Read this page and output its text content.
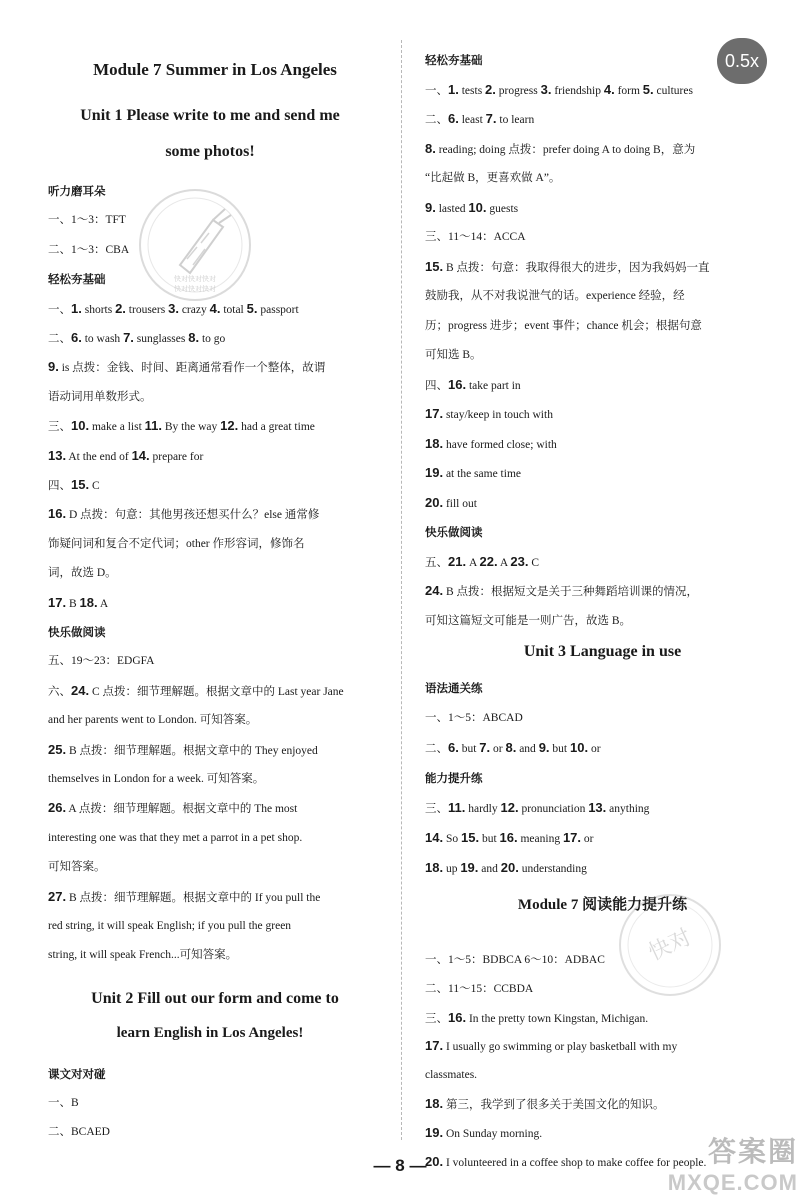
Module 7 Summer in Los Angeles
Unit 1 Please write to me and send me
some photos!
听力磨耳朵
一、1～3：TFT
二、1～3：CBA
轻松夯基础
一、1. shorts 2. trousers 3. crazy 4. total 5. passport
二、6. to wash 7. sunglasses 8. to go
9. is 点拨：金钱、时间、距离通常看作一个整体，故谓
语动词用单数形式。
三、10. make a list 11. By the way 12. had a great time
13. At the end of 14. prepare for
四、15. C
16. D 点拨：句意：其他男孩还想买什么？else 通常修
饰疑问词和复合不定代词；other 作形容词，修饰名
词，故选 D。
17. B 18. A
快乐做阅读
五、19～23：EDGFA
六、24. C 点拨：细节理解题。根据文章中的 Last year Jane
and her parents went to London. 可知答案。
25. B 点拨：细节理解题。根据文章中的 They enjoyed
themselves in London for a week. 可知答案。
26. A 点拨：细节理解题。根据文章中的 The most
interesting one was that they met a parrot in a pet shop.
可知答案。
27. B 点拨：细节理解题。根据文章中的 If you pull the
red string, it will speak English; if you pull the green
string, it will speak French...可知答案。
Unit 2 Fill out our form and come to
learn English in Los Angeles!
课文对对碰
一、B
二、BCAED
轻松夯基础
一、1. tests 2. progress 3. friendship 4. form 5. cultures
二、6. least 7. to learn
8. reading; doing 点拨：prefer doing A to doing B，意为
“比起做 B，更喜欢做 A”。
9. lasted 10. guests
三、11～14：ACCA
15. B 点拨：句意：我取得很大的进步，因为我妈妈一直
鼓励我，从不对我说泄气的话。experience 经验，经
历；progress 进步；event 事件；chance 机会；根据句意
可知选 B。
四、16. take part in
17. stay/keep in touch with
18. have formed close; with
19. at the same time
20. fill out
快乐做阅读
五、21. A 22. A 23. C
24. B 点拨：根据短文是关于三种舞蹈培训课的情况，
可知这篇短文可能是一则广告，故选 B。
Unit 3 Language in use
语法通关练
一、1～5：ABCAD
二、6. but 7. or 8. and 9. but 10. or
能力提升练
三、11. hardly 12. pronunciation 13. anything
14. So 15. but 16. meaning 17. or
18. up 19. and 20. understanding
Module 7 阅读能力提升练
一、1～5：BDBCA 6～10：ADBAC
二、11～15：CCBDA
三、16. In the pretty town Kingstan, Michigan.
17. I usually go swimming or play basketball with my
classmates.
18. 第三，我学到了很多关于美国文化的知识。
19. On Sunday morning.
20. I volunteered in a coffee shop to make coffee for people.
0.5x
— 8 —
快对快对快对
快对快对快对
快对
答案圈
MXQE.COM
